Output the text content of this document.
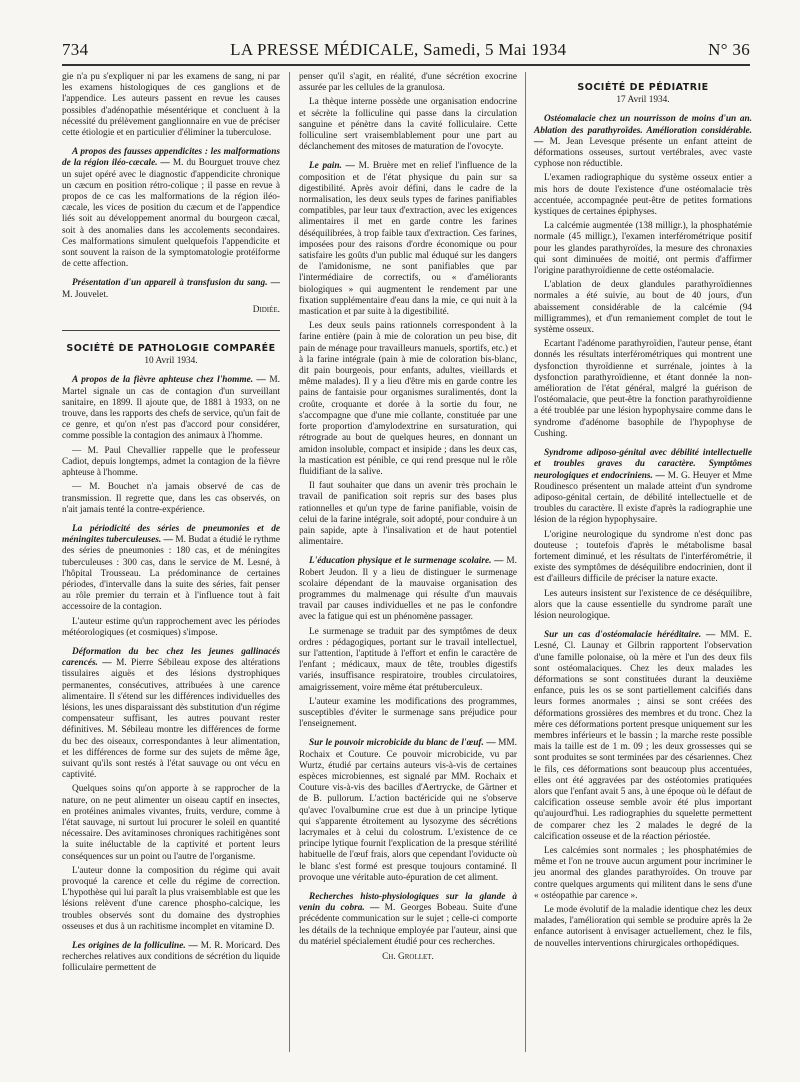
734	LA PRESSE MÉDICALE, Samedi, 5 Mai 1934	N° 36

gie n'a pu s'expliquer ni par les examens de sang, ni par les examens histologiques de ces ganglions et de l'appendice. Les auteurs passent en revue les causes possibles d'adénopathie mésentérique et concluent à la nécessité du prélèvement ganglionnaire en vue de préciser cette étiologie et en particulier d'éliminer la tuberculose.

A propos des fausses appendicites : les malformations de la région iléo-cæcale. — M. du Bourguet trouve chez un sujet opéré avec le diagnostic d'appendicite chronique un cæcum en position rétro-colique ; il passe en revue à propos de ce cas les malformations de la région iléo-cæcale, les vices de position du cæcum et de l'appendice liés soit au développement anormal du bourgeon cæcal, soit à des anomalies dans les accolements secondaires. Ces malformations simulent quelquefois l'appendicite et sont souvent la raison de la symptomatologie protéiforme de cette affection.

Présentation d'un appareil à transfusion du sang. — M. Jouvelet.

Didiée.
SOCIÉTÉ DE PATHOLOGIE COMPARÉE
10 Avril 1934.

A propos de la fièvre aphteuse chez l'homme. — M. Martel signale un cas de contagion d'un surveillant sanitaire, en 1899. Il ajoute que, de 1881 à 1933, on ne trouve, dans les rapports des chefs de service, qu'un fait de ce genre, et qu'on n'est pas d'accord pour considérer, comme possible la contagion des animaux à l'homme.

— M. Paul Chevallier rappelle que le professeur Cadiot, depuis longtemps, admet la contagion de la fièvre aphteuse à l'homme.

— M. Bouchet n'a jamais observé de cas de transmission. Il regrette que, dans les cas observés, on n'ait jamais tenté la contre-expérience.

La périodicité des séries de pneumonies et de méningites tuberculeuses. — M. Budat a étudié le rythme des séries de pneumonies : 180 cas, et de méningites tuberculeuses : 300 cas, dans le service de M. Lesné, à l'hôpital Trousseau. La prédominance de certaines périodes, d'intervalle dans la suite des séries, fait penser au rôle premier du terrain et à l'influence tout à fait accessoire de la contagion.

L'auteur estime qu'un rapprochement avec les périodes météorologiques (et cosmiques) s'impose.

Déformation du bec chez les jeunes gallinacés carencés. — M. Pierre Sébileau expose des altérations tissulaires aiguës et des lésions dystrophiques permanentes, consécutives, attribuées à une carence alimentaire. Il s'étend sur les différences individuelles des lésions, les unes disparaissant dès substitution d'un régime compensateur suffisant, les autres pouvant rester définitives. M. Sébileau montre les différences de forme du bec des oiseaux, correspondantes à leur alimentation, et les différences de forme sur des sujets de même âge, suivant qu'ils sont restés à l'état sauvage ou ont vécu en captivité.

Quelques soins qu'on apporte à se rapprocher de la nature, on ne peut alimenter un oiseau captif en insectes, en protéines animales vivantes, fruits, verdure, comme à l'état sauvage, ni surtout lui procurer le soleil en quantité nécessaire. Des avitaminoses chroniques rachitigènes sont la suite inéluctable de la captivité et portent leurs conséquences sur un point ou l'autre de l'organisme.

L'auteur donne la composition du régime qui avait provoqué la carence et celle du régime de correction. L'hypothèse qui lui paraît la plus vraisemblable est que les lésions relèvent d'une carence phospho-calcique, les troubles observés sont du domaine des dystrophies osseuses et dus à un rachitisme incomplet en vitamine D.

Les origines de la folliculine. — M. R. Moricard. Des recherches relatives aux conditions de sécrétion du liquide folliculaire permettent de

penser qu'il s'agit, en réalité, d'une sécrétion exocrine assurée par les cellules de la granulosa.

La thèque interne possède une organisation endocrine et sécrète la folliculine qui passe dans la circulation sanguine et pénètre dans la cavité folliculaire. Cette folliculine sert vraisemblablement pour une part au déclanchement des mitoses de maturation de l'ovocyte.

Le pain. — M. Bruère met en relief l'influence de la composition et de l'état physique du pain sur sa digestibilité. Après avoir défini, dans le cadre de la normalisation, les deux seuls types de farines panifiables compatibles, par leur taux d'extraction, avec les exigences alimentaires il met en garde contre les farines déséquilibrées, à trop faible taux d'extraction. Ces farines, imposées pour des raisons d'ordre économique ou pour satisfaire les goûts d'un public mal éduqué sur les dangers de l'amidonisme, ne sont panifiables que par l'intermédiaire de correctifs, ou « d'améliorants biologiques » qui augmentent le rendement par une fixation supplémentaire d'eau dans la mie, ce qui nuit à la mastication et par suite à la digestibilité.

Les deux seuls pains rationnels correspondent à la farine entière (pain à mie de coloration un peu bise, dit pain de ménage pour travailleurs manuels, sportifs, etc.) et à la farine intégrale (pain à mie de coloration bis-blanc, dit pain bourgeois, pour enfants, adultes, vieillards et même malades). Il y a lieu d'être mis en garde contre les pains de fantaisie pour organismes suralimentés, dont la croûte, croquante et dorée à la sortie du four, ne s'accompagne que d'une mie collante, constituée par une forte proportion d'amylodextrine en sursaturation, qui rétrograde au bout de quelques heures, en donnant un amidon insoluble, compact et insipide ; dans les deux cas, la mastication est pénible, ce qui rend presque nul le rôle fluidifiant de la salive.

Il faut souhaiter que dans un avenir très prochain le travail de panification soit repris sur des bases plus rationnelles et qu'un type de farine panifiable, voisin de celui de la farine intégrale, soit adopté, pour conduire à un pain sapide, apte à l'insalivation et de haut potentiel alimentaire.

L'éducation physique et le surmenage scolaire. — M. Robert Jeudon. Il y a lieu de distinguer le surmenage scolaire dépendant de la mauvaise organisation des programmes du malmenage qui résulte d'un mauvais travail par causes individuelles et ne pas le confondre avec la fatigue qui est un phénomène passager.

Le surmenage se traduit par des symptômes de deux ordres : pédagogiques, portant sur le travail intellectuel, sur l'attention, l'aptitude à l'effort et enfin le caractère de l'enfant ; médicaux, maux de tête, troubles digestifs variés, insuffisance respiratoire, troubles circulatoires, amaigrissement, voire même état prétuberculeux.

L'auteur examine les modifications des programmes, susceptibles d'éviter le surmenage sans préjudice pour l'enseignement.

Sur le pouvoir microbicide du blanc de l'œuf. — MM. Rochaix et Couture. Ce pouvoir microbicide, vu par Wurtz, étudié par certains auteurs vis-à-vis de certaines espèces microbiennes, est signalé par MM. Rochaix et Couture vis-à-vis des bacilles d'Aertrycke, de Gärtner et de B. pullorum. L'action bactéricide qui ne s'observe qu'avec l'ovalbumine crue est due à un principe lytique qui s'apparente étroitement au lysozyme des sécrétions lacrymales et à celui du colostrum. L'existence de ce principe lytique fournit l'explication de la presque stérilité habituelle de l'œuf frais, alors que cependant l'oviducte où le blanc s'est formé est presque toujours contaminé. Il provoque une véritable auto-épuration de cet aliment.

Recherches histo-physiologiques sur la glande à venin du cobra. — M. Georges Bobeau. Suite d'une précédente communication sur le sujet ; celle-ci comporte les détails de la technique employée par l'auteur, ainsi que du matériel spécialement étudié pour ces recherches.

Ch. Grollet.
SOCIÉTÉ DE PÉDIATRIE
17 Avril 1934.

Ostéomalacie chez un nourrisson de moins d'un an. Ablation des parathyroïdes. Amélioration considérable. — M. Jean Levesque présente un enfant atteint de déformations osseuses, surtout vertébrales, avec vaste cyphose non réductible.

L'examen radiographique du système osseux entier a mis hors de doute l'existence d'une ostéomalacie très accentuée, accompagnée peut-être de petites formations kystiques de certaines épiphyses.

La calcémie augmentée (138 milligr.), la phosphatémie normale (45 milligr.), l'examen interférométrique positif pour les glandes parathyroïdes, la mesure des chronaxies qui sont diminuées de moitié, ont permis d'affirmer l'origine parathyroïdienne de cette ostéomalacie.

L'ablation de deux glandules parathyroïdiennes normales a été suivie, au bout de 40 jours, d'un abaissement considérable de la calcémie (94 milligrammes), et d'un remaniement complet de tout le système osseux.

Ecartant l'adénome parathyroïdien, l'auteur pense, étant donnés les résultats interférométriques qui montrent une dysfonction thyroïdienne et surrénale, jointes à la dysfonction parathyroïdienne, et étant donnée la non-amélioration de l'état général, malgré la guérison de l'ostéomalacie, que peut-être la fonction parathyroïdienne a été troublée par une lésion hypophysaire comme dans le syndrome d'adénome basophile de l'hypophyse de Cushing.

Syndrome adiposo-génital avec débilité intellectuelle et troubles graves du caractère. Symptômes neurologiques et endocriniens. — M. G. Heuyer et Mme Roudinesco présentent un malade atteint d'un syndrome adiposo-génital certain, de débilité intellectuelle et de troubles du caractère. Il existe d'après la radiographie une lésion de la région hypophysaire.

L'origine neurologique du syndrome n'est donc pas douteuse ; toutefois d'après le métabolisme basal fortement diminué, et les résultats de l'interférométrie, il existe des symptômes de déséquilibre endocrinien, dont il est d'ailleurs difficile de préciser la nature exacte.

Les auteurs insistent sur l'existence de ce déséquilibre, alors que la cause essentielle du syndrome paraît une lésion neurologique.

Sur un cas d'ostéomalacie héréditaire. — MM. E. Lesné, Cl. Launay et Gilbrin rapportent l'observation d'une famille polonaise, où la mère et l'un des deux fils sont ostéomalaciques. Chez les deux malades les déformations se sont constituées durant la deuxième enfance, puis les os se sont partiellement calcifiés dans leurs formes anormales ; ainsi se sont créées des déformations grossières des membres et du tronc. Chez la mère ces déformations portent presque uniquement sur les membres inférieurs et le bassin ; la marche reste possible mais la taille est de 1 m. 09 ; les deux grossesses qui se sont produites se sont terminées par des césariennes. Chez le fils, ces déformations sont beaucoup plus accentuées, elles ont été aggravées par des ostéotomies pratiquées alors que l'enfant avait 5 ans, à une époque où le défaut de calcification osseuse semble avoir été plus important qu'aujourd'hui. Les radiographies du squelette permettent de comparer chez les 2 malades le degré de la calcification osseuse et de la réaction périostée.

Les calcémies sont normales ; les phosphatémies de même et l'on ne trouve aucun argument pour incriminer le jeu anormal des glandes parathyroïdes. On trouve par contre quelques arguments qui militent dans le sens d'une « ostéopathie par carence ».

Le mode évolutif de la maladie identique chez les deux malades, l'amélioration qui semble se produire après la 2e enfance autorisent à envisager actuellement, chez le fils, de nouvelles interventions chirurgicales orthopédiques.
